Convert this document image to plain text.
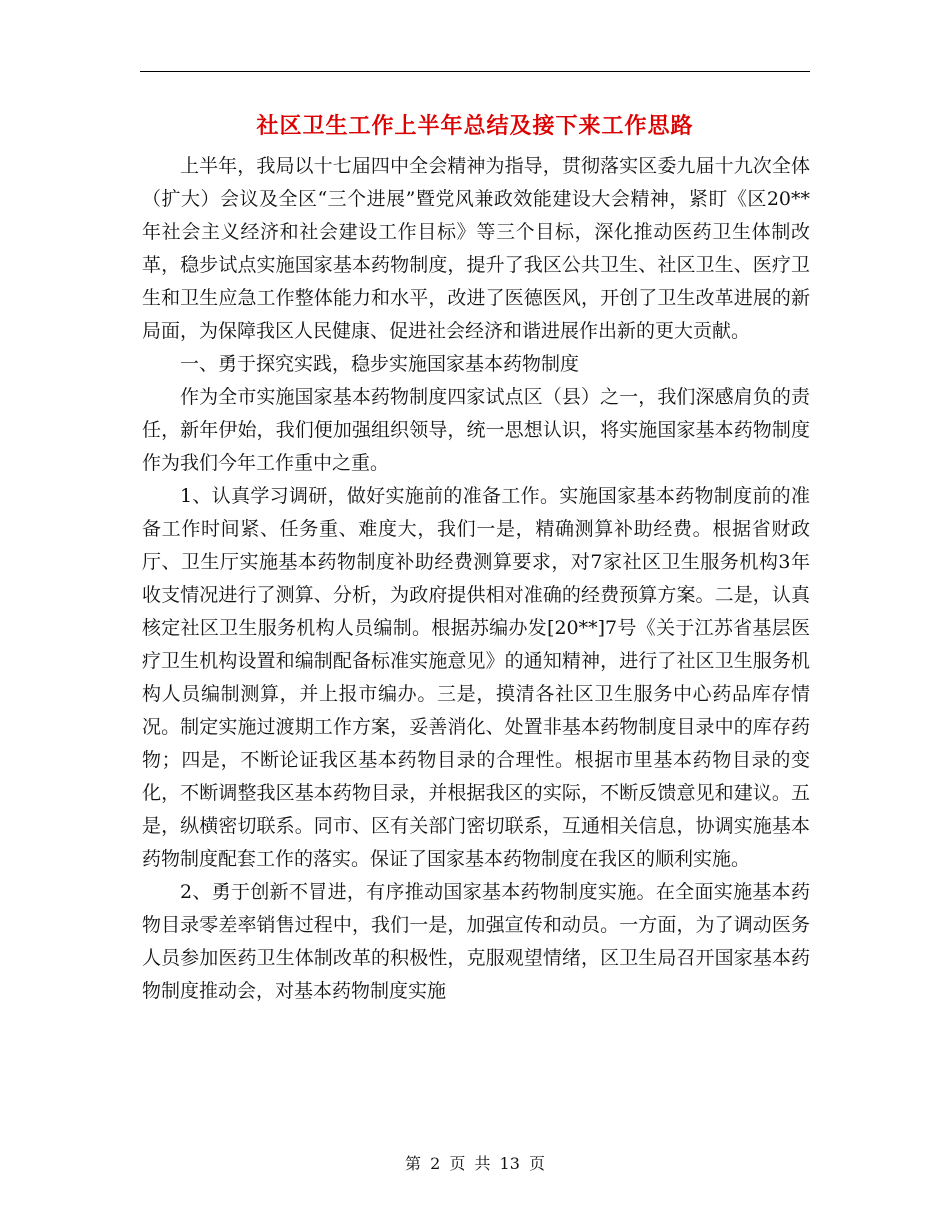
社区卫生工作上半年总结及接下来工作思路

上半年，我局以十七届四中全会精神为指导，贯彻落实区委九届十九次全体（扩大）会议及全区“三个进展”暨党风兼政效能建设大会精神，紧盯《区20**年社会主义经济和社会建设工作目标》等三个目标，深化推动医药卫生体制改革，稳步试点实施国家基本药物制度，提升了我区公共卫生、社区卫生、医疗卫生和卫生应急工作整体能力和水平，改进了医德医风，开创了卫生改革进展的新局面，为保障我区人民健康、促进社会经济和谐进展作出新的更大贡献。

一、勇于探究实践，稳步实施国家基本药物制度

作为全市实施国家基本药物制度四家试点区（县）之一，我们深感肩负的责任，新年伊始，我们便加强组织领导，统一思想认识，将实施国家基本药物制度作为我们今年工作重中之重。

1、认真学习调研，做好实施前的准备工作。实施国家基本药物制度前的准备工作时间紧、任务重、难度大，我们一是，精确测算补助经费。根据省财政厅、卫生厅实施基本药物制度补助经费测算要求，对7家社区卫生服务机构3年收支情况进行了测算、分析，为政府提供相对准确的经费预算方案。二是，认真核定社区卫生服务机构人员编制。根据苏编办发[20**]7号《关于江苏省基层医疗卫生机构设置和编制配备标准实施意见》的通知精神，进行了社区卫生服务机构人员编制测算，并上报市编办。三是，摸清各社区卫生服务中心药品库存情况。制定实施过渡期工作方案，妥善消化、处置非基本药物制度目录中的库存药物；四是，不断论证我区基本药物目录的合理性。根据市里基本药物目录的变化，不断调整我区基本药物目录，并根据我区的实际，不断反馈意见和建议。五是，纵横密切联系。同市、区有关部门密切联系，互通相关信息，协调实施基本药物制度配套工作的落实。保证了国家基本药物制度在我区的顺利实施。

2、勇于创新不冒进，有序推动国家基本药物制度实施。在全面实施基本药物目录零差率销售过程中，我们一是，加强宣传和动员。一方面，为了调动医务人员参加医药卫生体制改革的积极性，克服观望情绪，区卫生局召开国家基本药物制度推动会，对基本药物制度实施

第 2 页 共 13 页
